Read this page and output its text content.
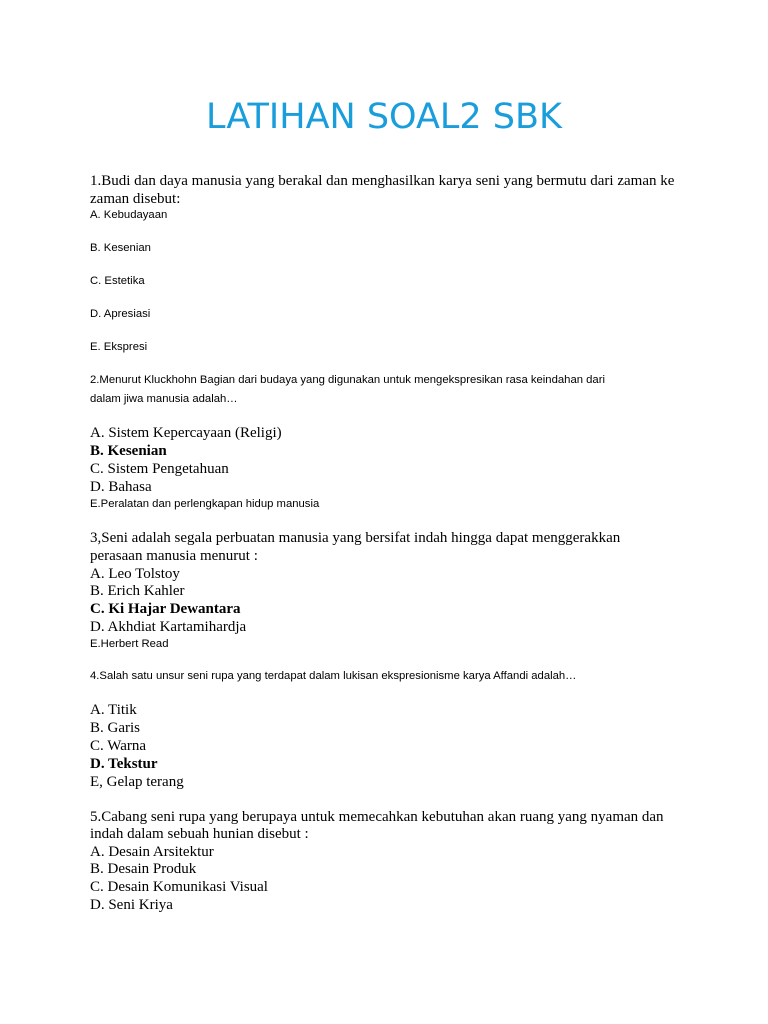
LATIHAN SOAL2 SBK

1.Budi dan daya manusia yang berakal dan menghasilkan karya seni yang bermutu dari zaman ke

zaman disebut:

A. Kebudayaan

B. Kesenian

C. Estetika

D. Apresiasi

E. Ekspresi

2.Menurut Kluckhohn Bagian dari budaya yang digunakan untuk mengekspresikan rasa keindahan dari

dalam jiwa manusia adalah…

A. Sistem Kepercayaan (Religi)

B. Kesenian

C. Sistem Pengetahuan

D. Bahasa

E.Peralatan dan perlengkapan hidup manusia

3,Seni adalah segala perbuatan manusia yang bersifat indah hingga dapat menggerakkan

perasaan manusia menurut :

A. Leo Tolstoy

B. Erich Kahler

C. Ki Hajar Dewantara

D. Akhdiat Kartamihardja

E.Herbert Read

4.Salah satu unsur seni rupa yang terdapat dalam lukisan ekspresionisme karya Affandi adalah…

A. Titik

B. Garis

C. Warna

D. Tekstur

E, Gelap terang

5.Cabang seni rupa yang berupaya untuk memecahkan kebutuhan akan ruang yang nyaman dan

indah dalam sebuah hunian disebut :

A. Desain Arsitektur

B. Desain Produk

C. Desain Komunikasi Visual

D. Seni Kriya
